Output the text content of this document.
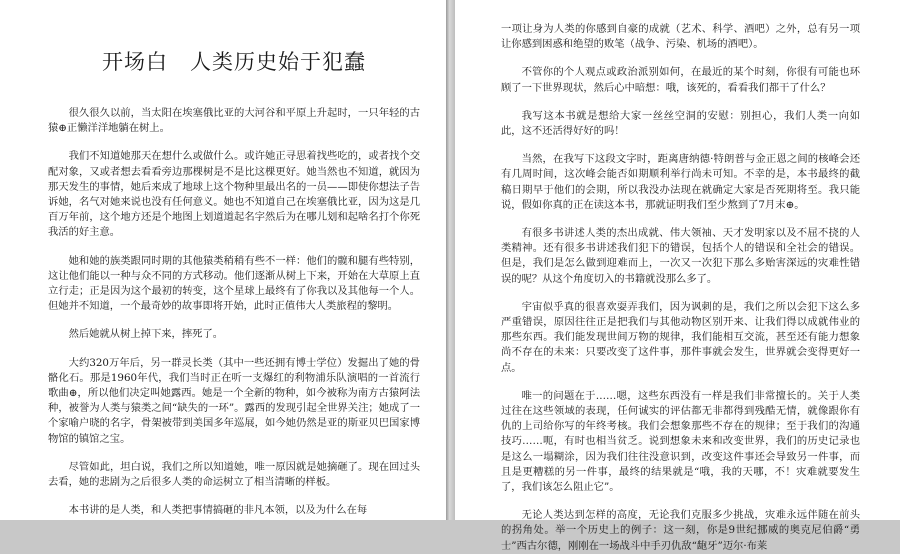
开场白　人类历史始于犯蠢

很久很久以前，当太阳在埃塞俄比亚的大河谷和平原上升起时，一只年轻的古猿⊕正懒洋洋地躺在树上。

我们不知道她那天在想什么或做什么。或许她正寻思着找些吃的，或者找个交配对象，又或者想去看看旁边那棵树是不是比这棵更好。她当然也不知道，就因为那天发生的事情，她后来成了地球上这个物种里最出名的一员——即使你想法子告诉她，名气对她来说也没有任何意义。她也不知道自己在埃塞俄比亚，因为这是几百万年前，这个地方还是个地图上划道道起名字然后为在哪儿划和起啥名打个你死我活的好主意。

她和她的族类跟同时期的其他猿类稍稍有些不一样：他们的髋和腿有些特别，这让他们能以一种与众不同的方式移动。他们逐渐从树上下来，开始在大草原上直立行走；正是因为这个最初的转变，这个星球上最终有了你我以及其他每一个人。但她并不知道，一个最奇妙的故事即将开始，此时正值伟大人类旅程的黎明。

然后她就从树上掉下来，摔死了。

大约320万年后，另一群灵长类（其中一些还拥有博士学位）发掘出了她的骨骼化石。那是1960年代，我们当时正在听一支爆红的利物浦乐队演唱的一首流行歌曲⊕，所以他们决定叫她露西。她是一个全新的物种，如今被称为南方古猿阿法种，被誉为人类与猿类之间“缺失的一环”。露西的发现引起全世界关注；她成了一个家喻户晓的名字，骨架被带到美国多年巡展，如今她仍然是亚的斯亚贝巴国家博物馆的镇馆之宝。

尽管如此，坦白说，我们之所以知道她，唯一原因就是她摘砸了。现在回过头去看，她的悲剧为之后很多人类的命运树立了相当清晰的样板。

本书讲的是人类，和人类把事情搞砸的非凡本领，以及为什么在每

一项让身为人类的你感到自豪的成就（艺术、科学、酒吧）之外，总有另一项让你感到困惑和绝望的败笔（战争、污染、机场的酒吧）。

不管你的个人观点或政治派别如何，在最近的某个时刻，你很有可能也环顾了一下世界现状，然后心中暗想：哦，该死的，看看我们都干了什么？

我写这本书就是想给大家一丝丝空洞的安慰：别担心，我们人类一向如此，这不还活得好好的吗！

当然，在我写下这段文字时，距离唐纳德·特朗普与金正恩之间的核峰会还有几周时间，这次峰会能否如期顺利举行尚未可知。不幸的是，本书最终的截稿日期早于他们的会期，所以我没办法现在就确定大家是否死期将至。我只能说，假如你真的正在读这本书，那就证明我们至少熬到了7月末⊕。

有很多书讲述人类的杰出成就、伟大领袖、天才发明家以及不屈不挠的人类精神。还有很多书讲述我们犯下的错误，包括个人的错误和全社会的错误。但是，我们是怎么做到迎难而上，一次又一次犯下那么多贻害深远的灾难性错误的呢？从这个角度切入的书籍就没那么多了。

宇宙似乎真的很喜欢耍弄我们，因为讽刺的是，我们之所以会犯下这么多严重错误，原因往往正是把我们与其他动物区别开来、让我们得以成就伟业的那些东西。我们能发现世间万物的规律，我们能相互交流，甚至还有能力想象尚不存在的未来：只要改变了这件事，那件事就会发生，世界就会变得更好一点。

唯一的问题在于……嗯，这些东西没有一样是我们非常擅长的。关于人类过往在这些领域的表现，任何诚实的评估都无非都得到残酷无情，就像跟你有仇的上司给你写的年终考核。我们会想象那些不存在的规律；至于我们的沟通技巧……呃，有时也相当贫乏。说到想象未来和改变世界，我们的历史记录也是这么一塌糊涂，因为我们往往没意识到，改变这件事还会导致另一件事，而且是更糟糕的另一件事，最终的结果就是“哦，我的天哪，不！灾难就要发生了，我们该怎么阻止它”。

无论人类达到怎样的高度，无论我们克服多少挑战，灾难永远伴随在前头的拐角处。举一个历史上的例子：这一刻，你是9世纪挪威的奥克尼伯爵“勇士”西古尔德，刚刚在一场战斗中手刃仇敌“龅牙”迈尔·布莱
